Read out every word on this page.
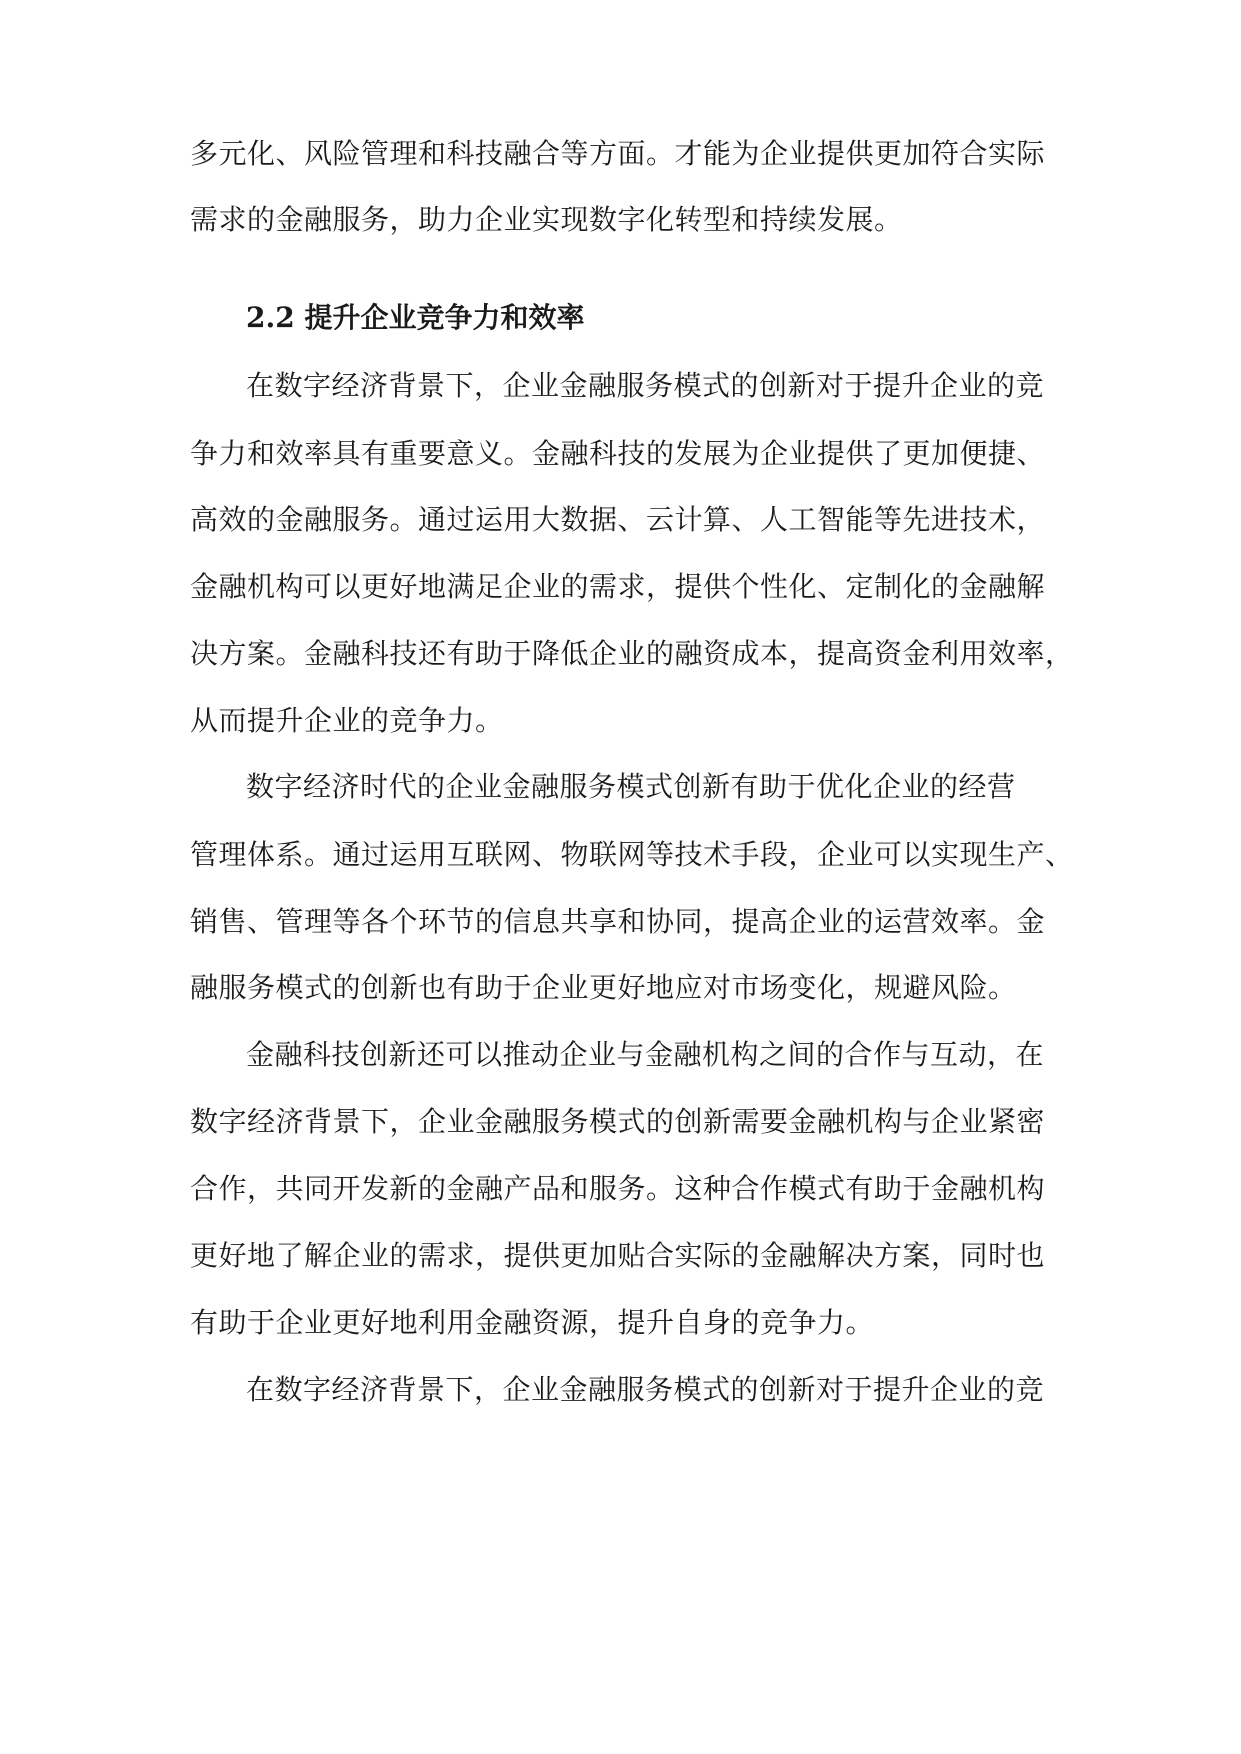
多元化、风险管理和科技融合等方面。才能为企业提供更加符合实际
需求的金融服务，助力企业实现数字化转型和持续发展。
2.2 提升企业竞争力和效率
在数字经济背景下，企业金融服务模式的创新对于提升企业的竞
争力和效率具有重要意义。金融科技的发展为企业提供了更加便捷、
高效的金融服务。通过运用大数据、云计算、人工智能等先进技术，
金融机构可以更好地满足企业的需求，提供个性化、定制化的金融解
决方案。金融科技还有助于降低企业的融资成本，提高资金利用效率，
从而提升企业的竞争力。
数字经济时代的企业金融服务模式创新有助于优化企业的经营
管理体系。通过运用互联网、物联网等技术手段，企业可以实现生产、
销售、管理等各个环节的信息共享和协同，提高企业的运营效率。金
融服务模式的创新也有助于企业更好地应对市场变化，规避风险。
金融科技创新还可以推动企业与金融机构之间的合作与互动，在
数字经济背景下，企业金融服务模式的创新需要金融机构与企业紧密
合作，共同开发新的金融产品和服务。这种合作模式有助于金融机构
更好地了解企业的需求，提供更加贴合实际的金融解决方案，同时也
有助于企业更好地利用金融资源，提升自身的竞争力。
在数字经济背景下，企业金融服务模式的创新对于提升企业的竞
